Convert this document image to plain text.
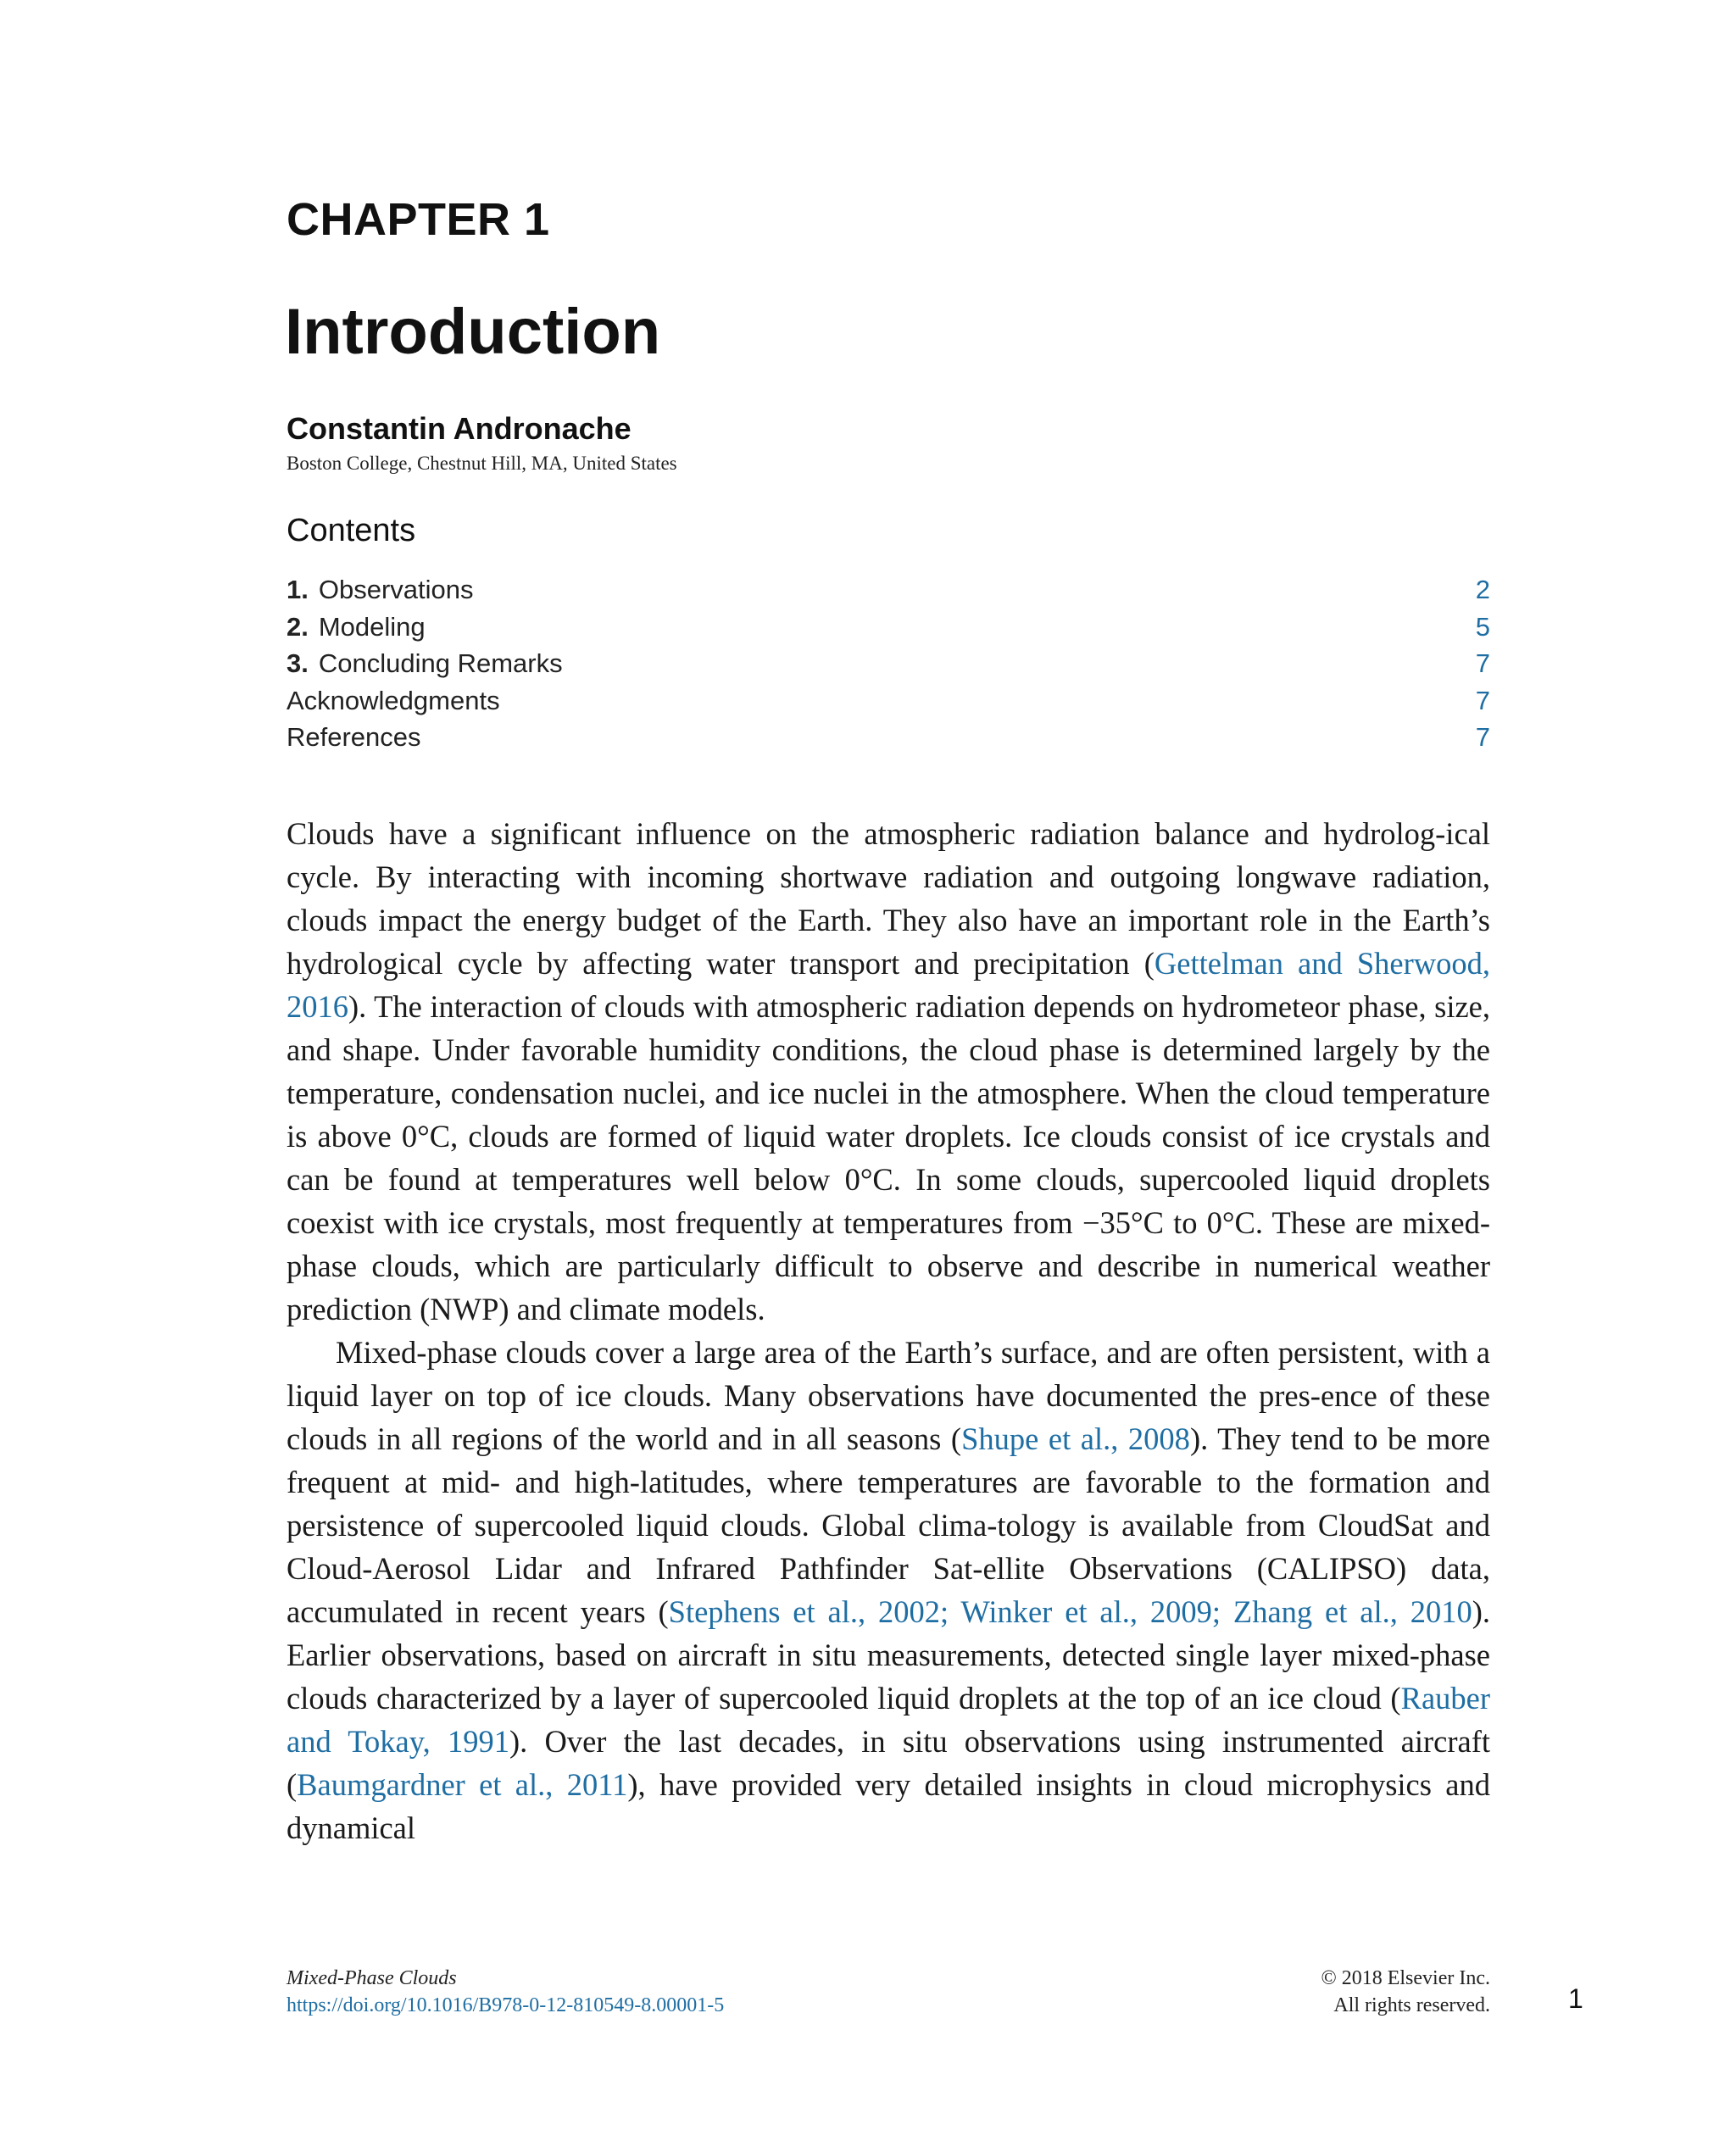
CHAPTER 1
Introduction
Constantin Andronache
Boston College, Chestnut Hill, MA, United States
Contents
1. Observations	2
2. Modeling	5
3. Concluding Remarks	7
Acknowledgments	7
References	7

Clouds have a significant influence on the atmospheric radiation balance and hydrolog-ical cycle. By interacting with incoming shortwave radiation and outgoing longwave radiation, clouds impact the energy budget of the Earth. They also have an important role in the Earth’s hydrological cycle by affecting water transport and precipitation (Gettelman and Sherwood, 2016). The interaction of clouds with atmospheric radiation depends on hydrometeor phase, size, and shape. Under favorable humidity conditions, the cloud phase is determined largely by the temperature, condensation nuclei, and ice nuclei in the atmosphere. When the cloud temperature is above 0°C, clouds are formed of liquid water droplets. Ice clouds consist of ice crystals and can be found at temperatures well below 0°C. In some clouds, supercooled liquid droplets coexist with ice crystals, most frequently at temperatures from −35°C to 0°C. These are mixed-phase clouds, which are particularly difficult to observe and describe in numerical weather prediction (NWP) and climate models.

Mixed-phase clouds cover a large area of the Earth’s surface, and are often persistent, with a liquid layer on top of ice clouds. Many observations have documented the pres-ence of these clouds in all regions of the world and in all seasons (Shupe et al., 2008). They tend to be more frequent at mid- and high-latitudes, where temperatures are favorable to the formation and persistence of supercooled liquid clouds. Global clima-tology is available from CloudSat and Cloud-Aerosol Lidar and Infrared Pathfinder Sat-ellite Observations (CALIPSO) data, accumulated in recent years (Stephens et al., 2002; Winker et al., 2009; Zhang et al., 2010). Earlier observations, based on aircraft in situ measurements, detected single layer mixed-phase clouds characterized by a layer of supercooled liquid droplets at the top of an ice cloud (Rauber and Tokay, 1991). Over the last decades, in situ observations using instrumented aircraft (Baumgardner et al., 2011), have provided very detailed insights in cloud microphysics and dynamical

Mixed-Phase Clouds
https://doi.org/10.1016/B978-0-12-810549-8.00001-5
© 2018 Elsevier Inc.
All rights reserved.	1
